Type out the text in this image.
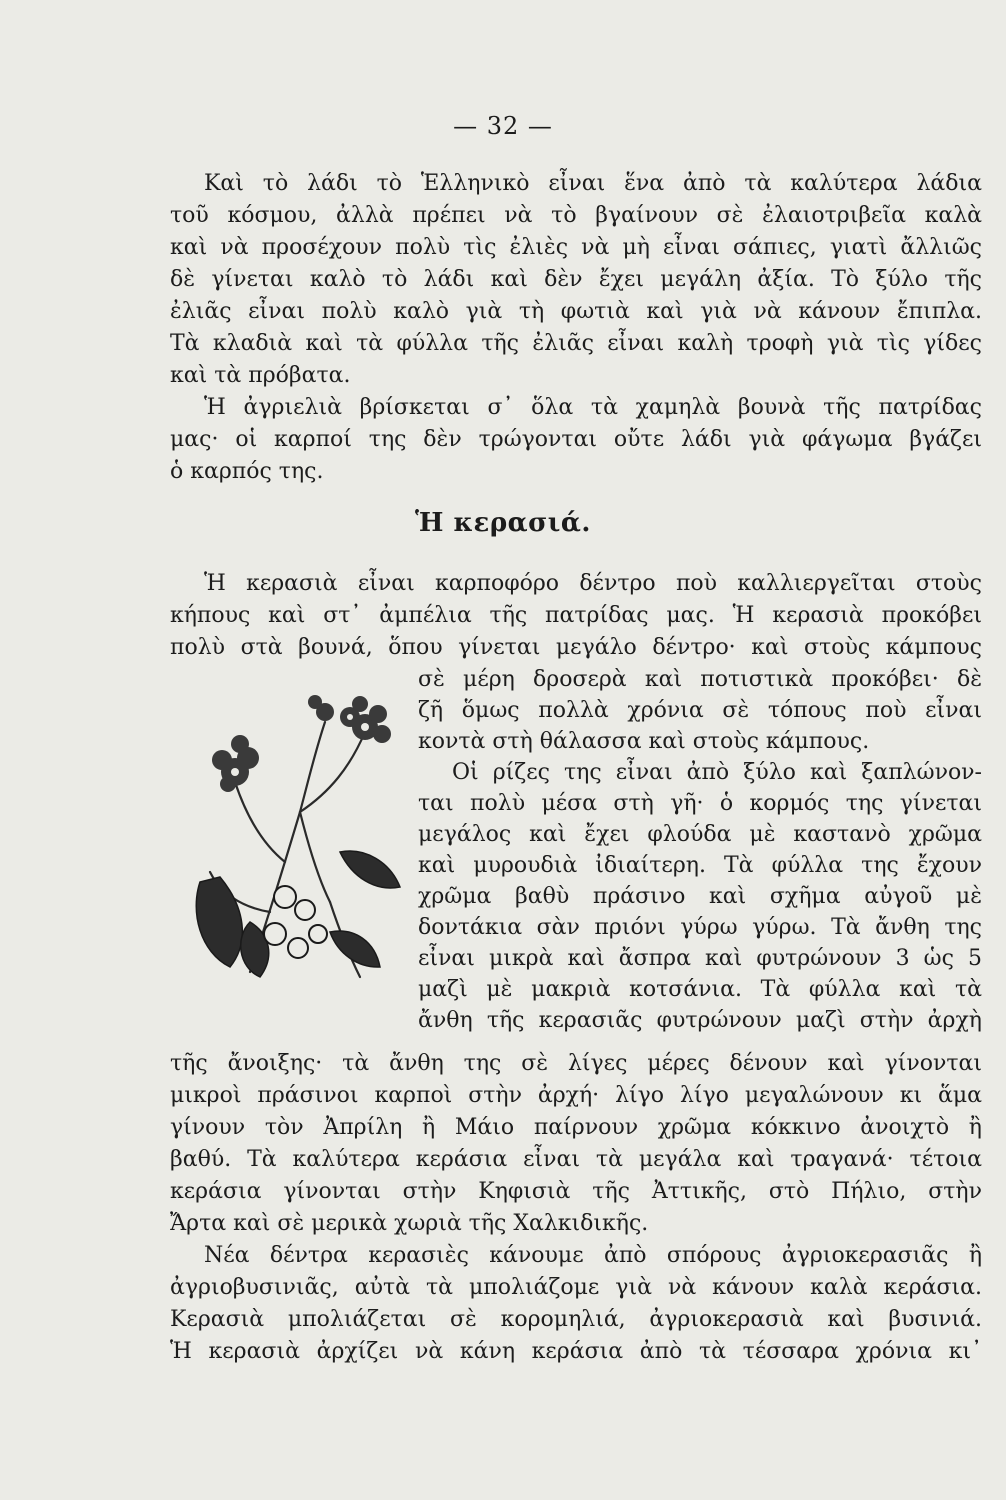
— 32 —
Καὶ τὸ λάδι τὸ Ἑλληνικὸ εἶναι ἕνα ἀπὸ τὰ καλύτερα λάδια
τοῦ κόσμου, ἀλλὰ πρέπει νὰ τὸ βγαίνουν σὲ ἐλαιοτριβεῖα καλὰ
καὶ νὰ προσέχουν πολὺ τὶς ἐλιὲς νὰ μὴ εἶναι σάπιες, γιατὶ ἄλλιῶς
δὲ γίνεται καλὸ τὸ λάδι καὶ δὲν ἔχει μεγάλη ἀξία. Τὸ ξύλο τῆς
ἐλιᾶς εἶναι πολὺ καλὸ γιὰ τὴ φωτιὰ καὶ γιὰ νὰ κάνουν ἔπιπλα.
Τὰ κλαδιὰ καὶ τὰ φύλλα τῆς ἐλιᾶς εἶναι καλὴ τροφὴ γιὰ τὶς γίδες
καὶ τὰ πρόβατα.
Ἡ ἀγριελιὰ βρίσκεται σ᾽ ὅλα τὰ χαμηλὰ βουνὰ τῆς πατρίδας
μας· οἱ καρποί της δὲν τρώγονται οὔτε λάδι γιὰ φάγωμα βγάζει
ὁ καρπός της.
Ἡ κερασιά.
Ἡ κερασιὰ εἶναι καρποφόρο δέντρο ποὺ καλλιεργεῖται στοὺς
κήπους καὶ στ᾽ ἀμπέλια τῆς πατρίδας μας. Ἡ κερασιὰ προκόβει
πολὺ στὰ βουνά, ὅπου γίνεται μεγάλο δέντρο· καὶ στοὺς κάμπους
σὲ μέρη δροσερὰ καὶ ποτιστικὰ προκόβει· δὲ
ζῆ ὅμως πολλὰ χρόνια σὲ τόπους ποὺ εἶναι
κοντὰ στὴ θάλασσα καὶ στοὺς κάμπους.
Οἱ ρίζες της εἶναι ἀπὸ ξύλο καὶ ξαπλώνον-
ται πολὺ μέσα στὴ γῆ· ὁ κορμός της γίνεται
μεγάλος καὶ ἔχει φλούδα μὲ καστανὸ χρῶμα
καὶ μυρουδιὰ ἰδιαίτερη. Τὰ φύλλα της ἔχουν
χρῶμα βαθὺ πράσινο καὶ σχῆμα αὐγοῦ μὲ
δοντάκια σὰν πριόνι γύρω γύρω. Τὰ ἄνθη της
εἶναι μικρὰ καὶ ἄσπρα καὶ φυτρώνουν 3 ὡς 5
μαζὶ μὲ μακριὰ κοτσάνια. Τὰ φύλλα καὶ τὰ
ἄνθη τῆς κερασιᾶς φυτρώνουν μαζὶ στὴν ἀρχὴ
τῆς ἄνοιξης· τὰ ἄνθη της σὲ λίγες μέρες δένουν καὶ γίνονται
μικροὶ πράσινοι καρποὶ στὴν ἀρχή· λίγο λίγο μεγαλώνουν κι ἅμα
γίνουν τὸν Ἀπρίλη ἢ Μάιο παίρνουν χρῶμα κόκκινο ἀνοιχτὸ ἢ
βαθύ. Τὰ καλύτερα κεράσια εἶναι τὰ μεγάλα καὶ τραγανά· τέτοια
κεράσια γίνονται στὴν Κηφισιὰ τῆς Ἀττικῆς, στὸ Πήλιο, στὴν
Ἄρτα καὶ σὲ μερικὰ χωριὰ τῆς Χαλκιδικῆς.
Νέα δέντρα κερασιὲς κάνουμε ἀπὸ σπόρους ἀγριοκερασιᾶς ἢ
ἀγριοβυσινιᾶς, αὐτὰ τὰ μπολιάζομε γιὰ νὰ κάνουν καλὰ κεράσια.
Κερασιὰ μπολιάζεται σὲ κορομηλιά, ἀγριοκερασιὰ καὶ βυσινιά.
Ἡ κερασιὰ ἀρχίζει νὰ κάνη κεράσια ἀπὸ τὰ τέσσαρα χρόνια κι᾽
